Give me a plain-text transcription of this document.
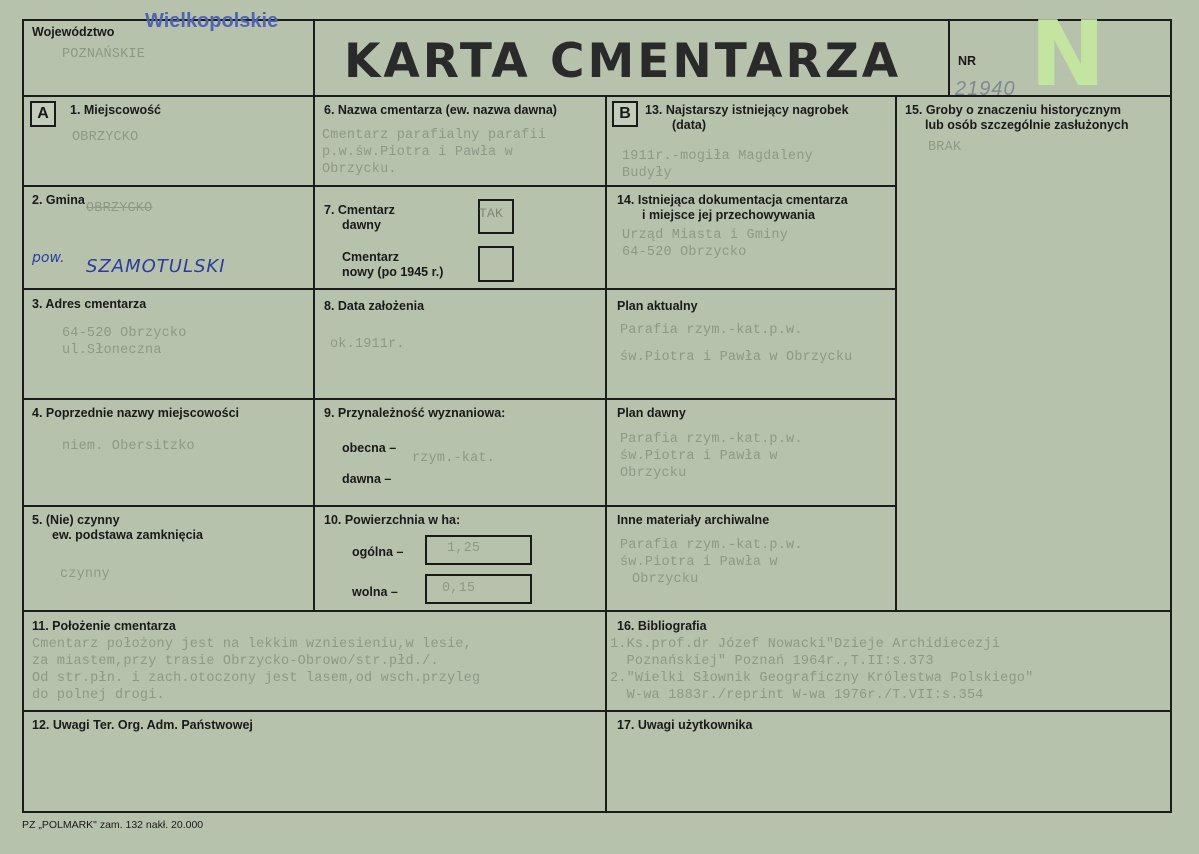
Województwo Wielkopolskie
POZNAŃSKIE	KARTA CMENTARZA	NR N
21940
A	B
1. Miejscowość
OBRZYCKO
2. Gmina
OBRZYCKO
pow. SZAMOTULSKI
3. Adres cmentarza
64-520 Obrzycko
ul.Słoneczna
4. Poprzednie nazwy miejscowości
niem. Obersitzko
5. (Nie) czynny
ew. podstawa zamknięcia
czynny
6. Nazwa cmentarza (ew. nazwa dawna)
Cmentarz parafialny parafii
p.w.św.Piotra i Pawła w
Obrzycku.
7. Cmentarz
dawny
TAK
Cmentarz
nowy (po 1945 r.)
8. Data założenia
ok.1911r.
9. Przynależność wyznaniowa:
obecna –
rzym.-kat.
dawna –
10. Powierzchnia w ha:
ogólna –	1,25
wolna –	0,15
11. Położenie cmentarza
Cmentarz położony jest na lekkim wzniesieniu,w lesie,
za miastem,przy trasie Obrzycko-Obrowo/str.płd./.
Od str.płn. i zach.otoczony jest lasem,od wsch.przyleg
do polnej drogi.
12. Uwagi Ter. Org. Adm. Państwowej
13. Najstarszy istniejący nagrobek
(data)
1911r.-mogiła Magdaleny
Budyły
14. Istniejąca dokumentacja cmentarza
i miejsce jej przechowywania
Urząd Miasta i Gminy
64-520 Obrzycko
Plan aktualny
Parafia rzym.-kat.p.w.
św.Piotra i Pawła w Obrzycku
Plan dawny
Parafia rzym.-kat.p.w.
św.Piotra i Pawła w
Obrzycku
Inne materiały archiwalne
Parafia rzym.-kat.p.w.
św.Piotra i Pawła w
Obrzycku
15. Groby o znaczeniu historycznym
lub osób szczególnie zasłużonych
BRAK
16. Bibliografia
1.Ks.prof.dr Józef Nowacki"Dzieje Archidiecezji
Poznańskiej" Poznań 1964r.,T.II:s.373
2."Wielki Słownik Geograficzny Królestwa Polskiego"
W-wa 1883r./reprint W-wa 1976r./T.VII:s.354
17. Uwagi użytkownika
PZ „POLMARK" zam. 132 nakł. 20.000
